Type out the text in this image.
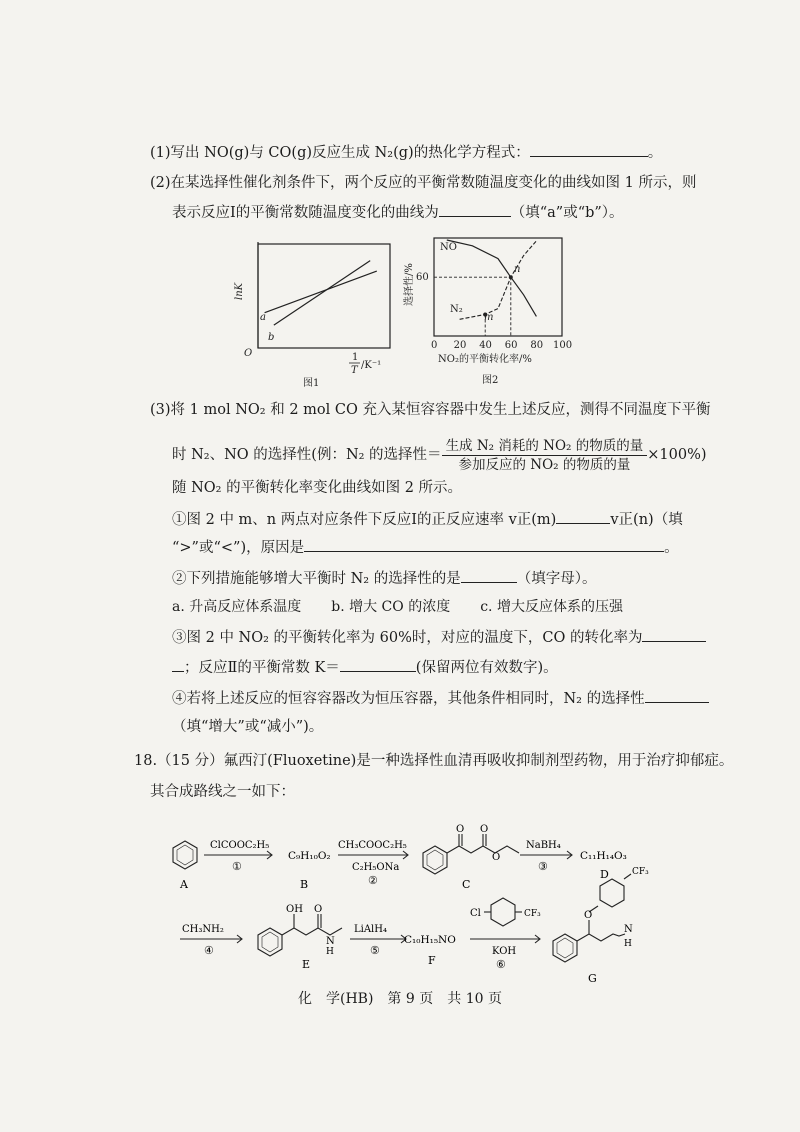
(1)写出 NO(g)与 CO(g)反应生成 N₂(g)的热化学方程式：	。
(2)在某选择性催化剂条件下，两个反应的平衡常数随温度变化的曲线如图 1 所示，则
表示反应Ⅰ的平衡常数随温度变化的曲线为	（填“a”或“b”）。
lnK
a
b
O	1
T /K⁻¹
图1
选择性/% 60
NO
N₂
m
n
0 20 40 60 80 100
NO₂的平衡转化率/%
图2
(3)将 1 mol NO₂ 和 2 mol CO 充入某恒容容器中发生上述反应，测得不同温度下平衡
时 N₂、NO 的选择性(例：N₂ 的选择性＝ $\frac{\text{生成 N₂ 消耗的 NO₂ 的物质的量}}{\text{参加反应的 NO₂ 的物质的量}} \times 100\%$)
随 NO₂ 的平衡转化率变化曲线如图 2 所示。
①图 2 中 m、n 两点对应条件下反应Ⅰ的正反应速率 v正(m)	v正(n)（填
“>”或“<”)，原因是	。
②下列措施能够增大平衡时 N₂ 的选择性的是	（填字母）。
a. 升高反应体系温度 b. 增大 CO 的浓度 c. 增大反应体系的压强
③图 2 中 NO₂ 的平衡转化率为 60%时，对应的温度下，CO 的转化率为
；反应Ⅱ的平衡常数 K＝	(保留两位有效数字)。
④若将上述反应的恒容容器改为恒压容器，其他条件相同时，N₂ 的选择性
（填“增大”或“减小”)。
18.（15 分）氟西汀(Fluoxetine)是一种选择性血清再吸收抑制剂型药物，用于治疗抑郁症。
其合成路线之一如下：
A
ClCOOC₂H₅
①
C₉H₁₀O₂
B
CH₃COOC₂H₅
C₂H₅ONa
②
O O
O
C
NaBH₄
③
C₁₁H₁₄O₃
D
CH₃NH₂
④
OH O
N
H
E
LiAlH₄
⑤
C₁₀H₁₅NO
F
Cl	CF₃
KOH
⑥
O
CF₃
N
H
G
化　学(HB)　第 9 页　共 10 页
